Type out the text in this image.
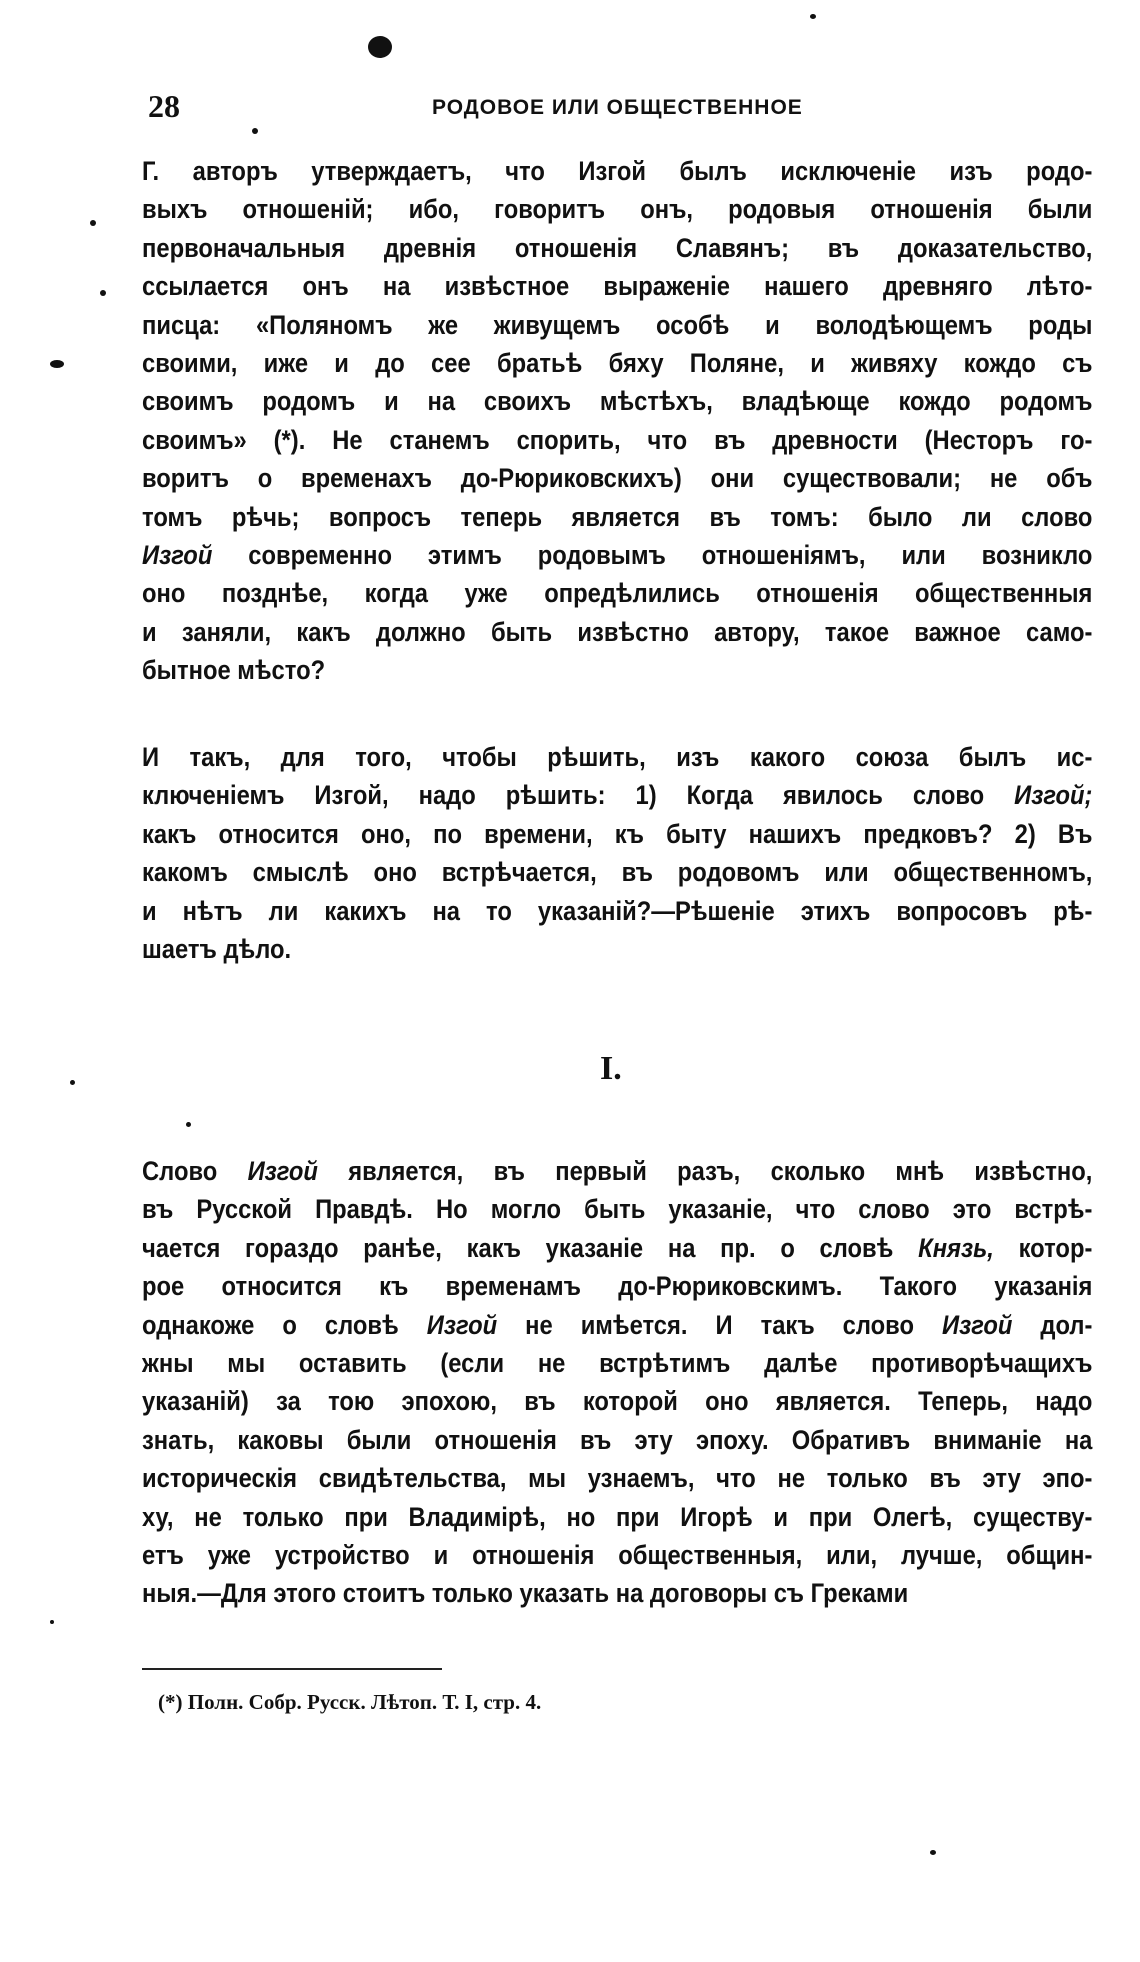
28	РОДОВОЕ ИЛИ ОБЩЕСТВЕННОЕ
Г. авторъ утверждаетъ, что Изгой былъ исключеніе изъ родо-
выхъ отношеній; ибо, говоритъ онъ, родовыя отношенія были
первоначальныя древнія отношенія Славянъ; въ доказательство,
ссылается онъ на извѣстное выраженіе нашего древняго лѣто-
писца: «Поляномъ же живущемъ особѣ и володѣющемъ роды
своими, иже и до сее братьѣ бяху Поляне, и живяху кождо съ
своимъ родомъ и на своихъ мѣстѣхъ, владѣюще кождо родомъ
своимъ» (*). Не станемъ спорить, что въ древности (Несторъ го-
воритъ о временахъ до-Рюриковскихъ) они существовали; не объ
томъ рѣчь; вопросъ теперь является въ томъ: было ли слово
Изгой современно этимъ родовымъ отношеніямъ, или возникло
оно позднѣе, когда уже опредѣлились отношенія общественныя
и заняли, какъ должно быть извѣстно автору, такое важное само-
бытное мѣсто?
И такъ, для того, чтобы рѣшить, изъ какого союза былъ ис-
ключеніемъ Изгой, надо рѣшить: 1) Когда явилось слово Изгой;
какъ относится оно, по времени, къ быту нашихъ предковъ? 2) Въ
какомъ смыслѣ оно встрѣчается, въ родовомъ или общественномъ,
и нѣтъ ли какихъ на то указаній?—Рѣшеніе этихъ вопросовъ рѣ-
шаетъ дѣло.
I.
Слово Изгой является, въ первый разъ, сколько мнѣ извѣстно,
въ Русской Правдѣ. Но могло быть указаніе, что слово это встрѣ-
чается гораздо ранѣе, какъ указаніе на пр. о словѣ Князь, котор-
рое относится къ временамъ до-Рюриковскимъ. Такого указанія
однакоже о словѣ Изгой не имѣется. И такъ слово Изгой дол-
жны мы оставить (если не встрѣтимъ далѣе противорѣчащихъ
указаній) за тою эпохою, въ которой оно является. Теперь, надо
знать, каковы были отношенія въ эту эпоху. Обративъ вниманіе на
историческія свидѣтельства, мы узнаемъ, что не только въ эту эпо-
ху, не только при Владимірѣ, но при Игорѣ и при Олегѣ, существу-
етъ уже устройство и отношенія общественныя, или, лучше, общин-
ныя.—Для этого стоитъ только указать на договоры съ Греками
(*) Полн. Собр. Русск. Лѣтоп. Т. I, стр. 4.
